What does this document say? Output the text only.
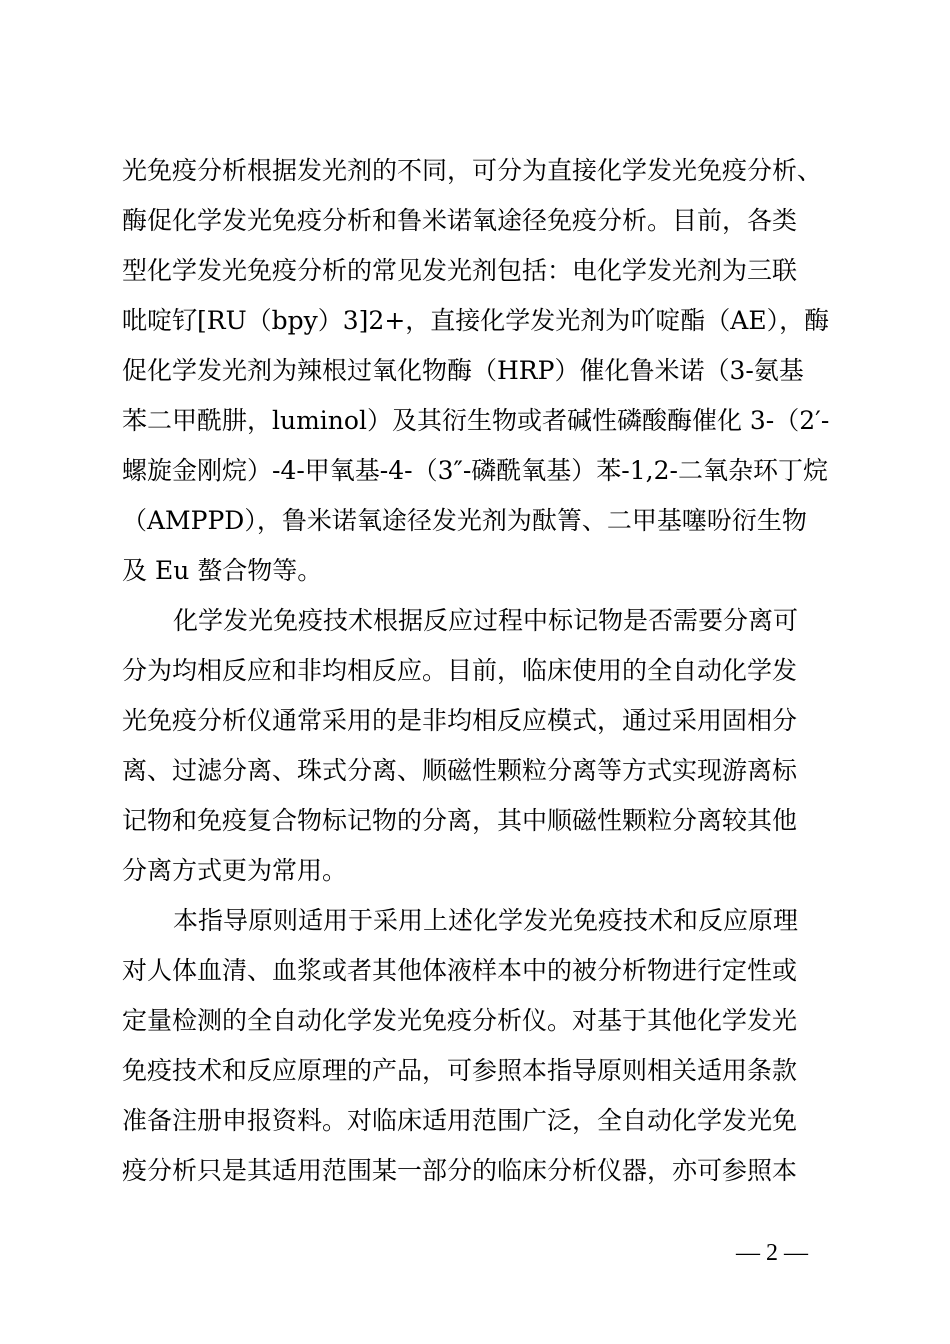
光免疫分析根据发光剂的不同，可分为直接化学发光免疫分析、
酶促化学发光免疫分析和鲁米诺氧途径免疫分析。目前，各类
型化学发光免疫分析的常见发光剂包括：电化学发光剂为三联
吡啶钌[RU（bpy）3]2+，直接化学发光剂为吖啶酯（AE），酶
促化学发光剂为辣根过氧化物酶（HRP）催化鲁米诺（3-氨基
苯二甲酰肼，luminol）及其衍生物或者碱性磷酸酶催化 3-（2′-
螺旋金刚烷）-4-甲氧基-4-（3″-磷酰氧基）苯-1,2-二氧杂环丁烷
（AMPPD），鲁米诺氧途径发光剂为酞箐、二甲基噻吩衍生物
及 Eu 螯合物等。
化学发光免疫技术根据反应过程中标记物是否需要分离可
分为均相反应和非均相反应。目前，临床使用的全自动化学发
光免疫分析仪通常采用的是非均相反应模式，通过采用固相分
离、过滤分离、珠式分离、顺磁性颗粒分离等方式实现游离标
记物和免疫复合物标记物的分离，其中顺磁性颗粒分离较其他
分离方式更为常用。
本指导原则适用于采用上述化学发光免疫技术和反应原理
对人体血清、血浆或者其他体液样本中的被分析物进行定性或
定量检测的全自动化学发光免疫分析仪。对基于其他化学发光
免疫技术和反应原理的产品，可参照本指导原则相关适用条款
准备注册申报资料。对临床适用范围广泛，全自动化学发光免
疫分析只是其适用范围某一部分的临床分析仪器，亦可参照本
— 2 —
